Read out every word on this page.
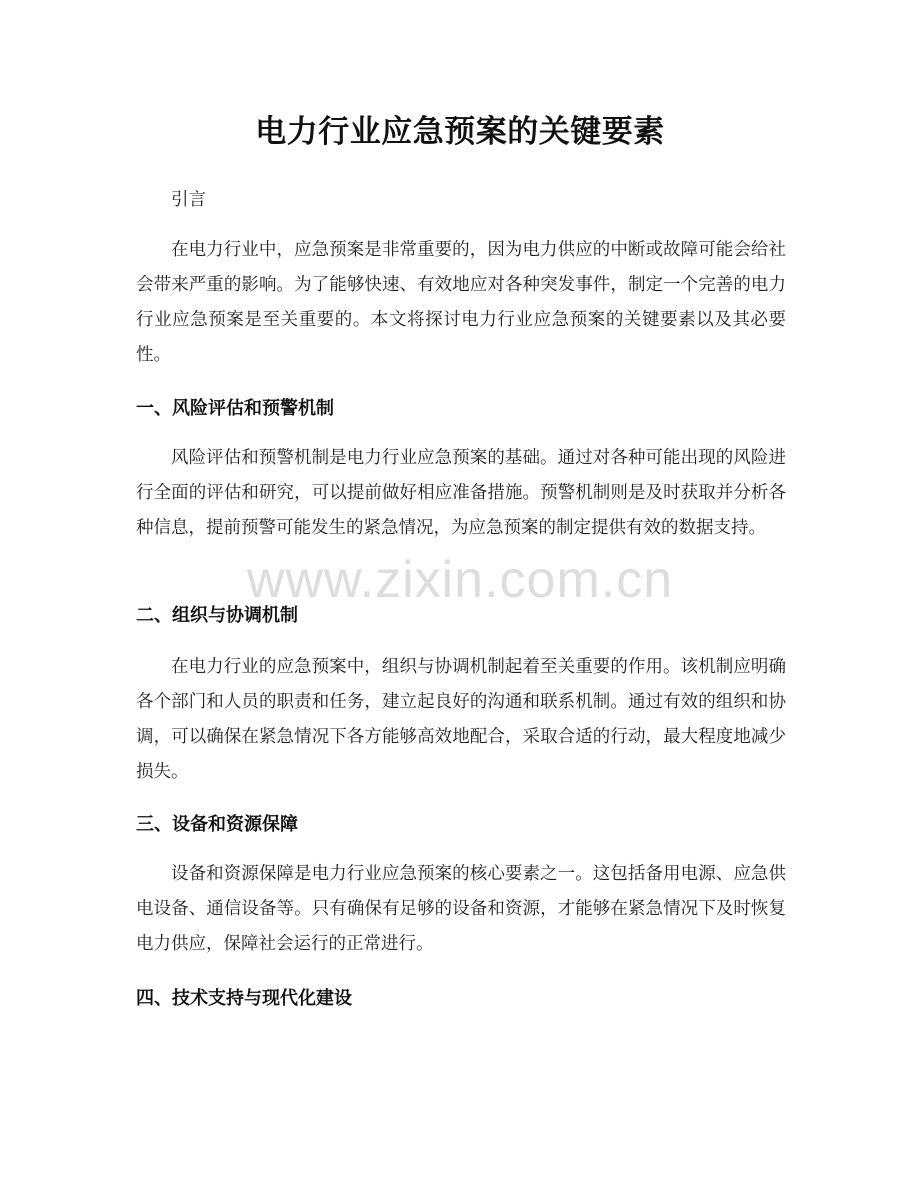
电力行业应急预案的关键要素
引言
在电力行业中，应急预案是非常重要的，因为电力供应的中断或故障可能会给社会带来严重的影响。为了能够快速、有效地应对各种突发事件，制定一个完善的电力行业应急预案是至关重要的。本文将探讨电力行业应急预案的关键要素以及其必要性。
一、风险评估和预警机制
风险评估和预警机制是电力行业应急预案的基础。通过对各种可能出现的风险进行全面的评估和研究，可以提前做好相应准备措施。预警机制则是及时获取并分析各种信息，提前预警可能发生的紧急情况，为应急预案的制定提供有效的数据支持。
二、组织与协调机制
在电力行业的应急预案中，组织与协调机制起着至关重要的作用。该机制应明确各个部门和人员的职责和任务，建立起良好的沟通和联系机制。通过有效的组织和协调，可以确保在紧急情况下各方能够高效地配合，采取合适的行动，最大程度地减少损失。
三、设备和资源保障
设备和资源保障是电力行业应急预案的核心要素之一。这包括备用电源、应急供电设备、通信设备等。只有确保有足够的设备和资源，才能够在紧急情况下及时恢复电力供应，保障社会运行的正常进行。
四、技术支持与现代化建设
www.zixin.com.cn
